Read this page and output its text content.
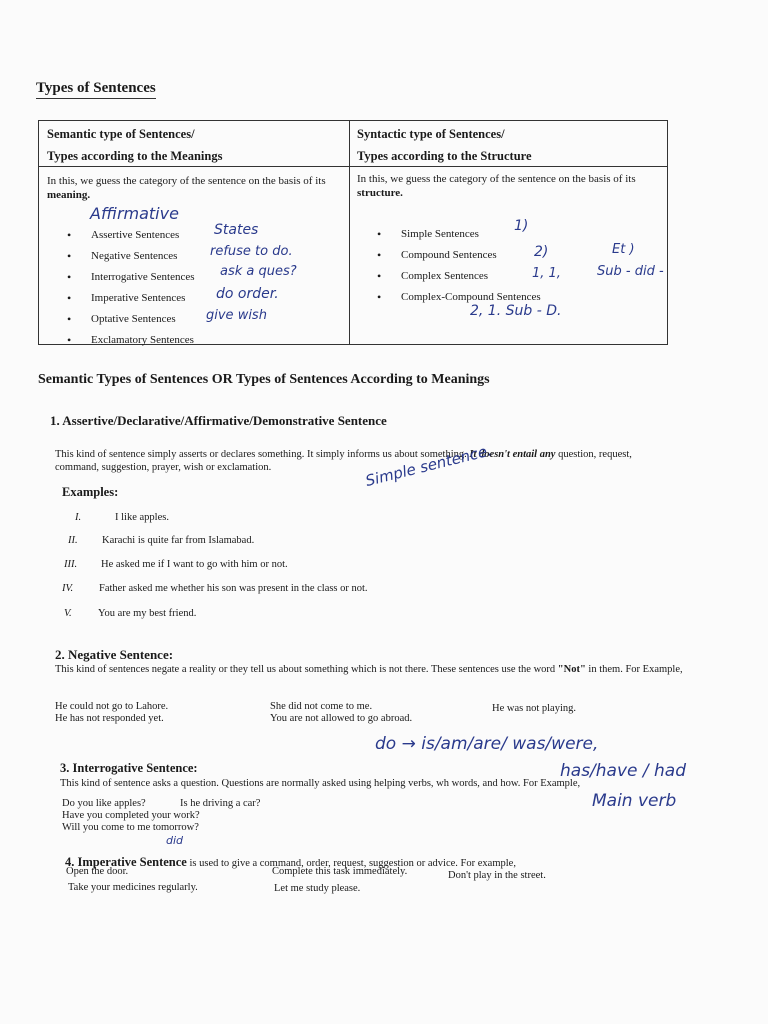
Types of Sentences
Semantic type of Sentences/
Types according to the Meanings
Syntactic type of Sentences/
Types according to the Structure
In this, we guess the category of the sentence on the basis of its meaning.
In this, we guess the category of the sentence on the basis of its structure.
• Assertive Sentences
• Negative Sentences
• Interrogative Sentences
• Imperative Sentences
• Optative Sentences
• Exclamatory Sentences
• Simple Sentences
• Compound Sentences
• Complex Sentences
• Complex-Compound Sentences
Affirmative
States
refuse to do.
ask a ques?
do order.
give wish
1)
2)	Et )
1, 1,	Sub - did -
2, 1. Sub - D.
Semantic Types of Sentences OR Types of Sentences According to Meanings
1. Assertive/Declarative/Affirmative/Demonstrative Sentence
This kind of sentence simply asserts or declares something. It simply informs us about something. It doesn't entail any question, request, command, suggestion, prayer, wish or exclamation.
Examples:
Simple sentence.
I.	I like apples.
II. Karachi is quite far from Islamabad.
III. He asked me if I want to go with him or not.
IV. Father asked me whether his son was present in the class or not.
V.	You are my best friend.
2. Negative Sentence:
This kind of sentences negate a reality or they tell us about something which is not there. These sentences use the word "Not" in them. For Example,
He could not go to Lahore.
He has not responded yet.
She did not come to me.
You are not allowed to go abroad.
He was not playing.
do → is/am/are/ was/were,
has/have / had
Main verb
3. Interrogative Sentence:
This kind of sentence asks a question. Questions are normally asked using helping verbs, wh words, and how. For Example,
Do you like apples?	Is he driving a car?
Have you completed your work?
Will you come to me tomorrow?
did
4. Imperative Sentence is used to give a command, order, request, suggestion or advice. For example,
Open the door.	Complete this task immediately.	Don't play in the street.
Take your medicines regularly.	Let me study please.
